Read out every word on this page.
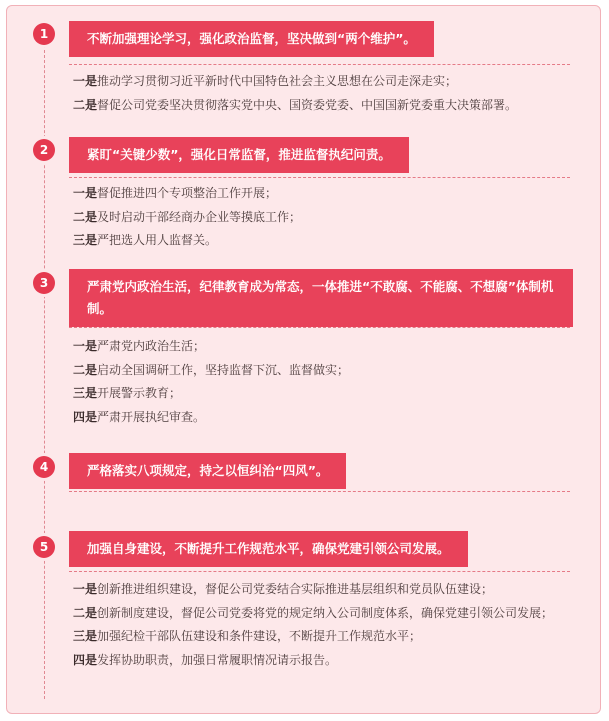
1	不断加强理论学习，强化政治监督，坚决做到“两个维护”。
一是推动学习贯彻习近平新时代中国特色社会主义思想在公司走深走实；
二是督促公司党委坚决贯彻落实党中央、国资委党委、中国国新党委重大决策部署。
2	紧盯“关键少数”，强化日常监督，推进监督执纪问责。
一是督促推进四个专项整治工作开展；
二是及时启动干部经商办企业等摸底工作；
三是严把选人用人监督关。
3	严肃党内政治生活，纪律教育成为常态，一体推进“不敢腐、不能腐、不想腐”体制机制。
一是严肃党内政治生活；
二是启动全国调研工作，坚持监督下沉、监督做实；
三是开展警示教育；
四是严肃开展执纪审查。
4	严格落实八项规定，持之以恒纠治“四风”。
5	加强自身建设，不断提升工作规范水平，确保党建引领公司发展。
一是创新推进组织建设，督促公司党委结合实际推进基层组织和党员队伍建设；
二是创新制度建设，督促公司党委将党的规定纳入公司制度体系，确保党建引领公司发展；
三是加强纪检干部队伍建设和条件建设，不断提升工作规范水平；
四是发挥协助职责，加强日常履职情况请示报告。
